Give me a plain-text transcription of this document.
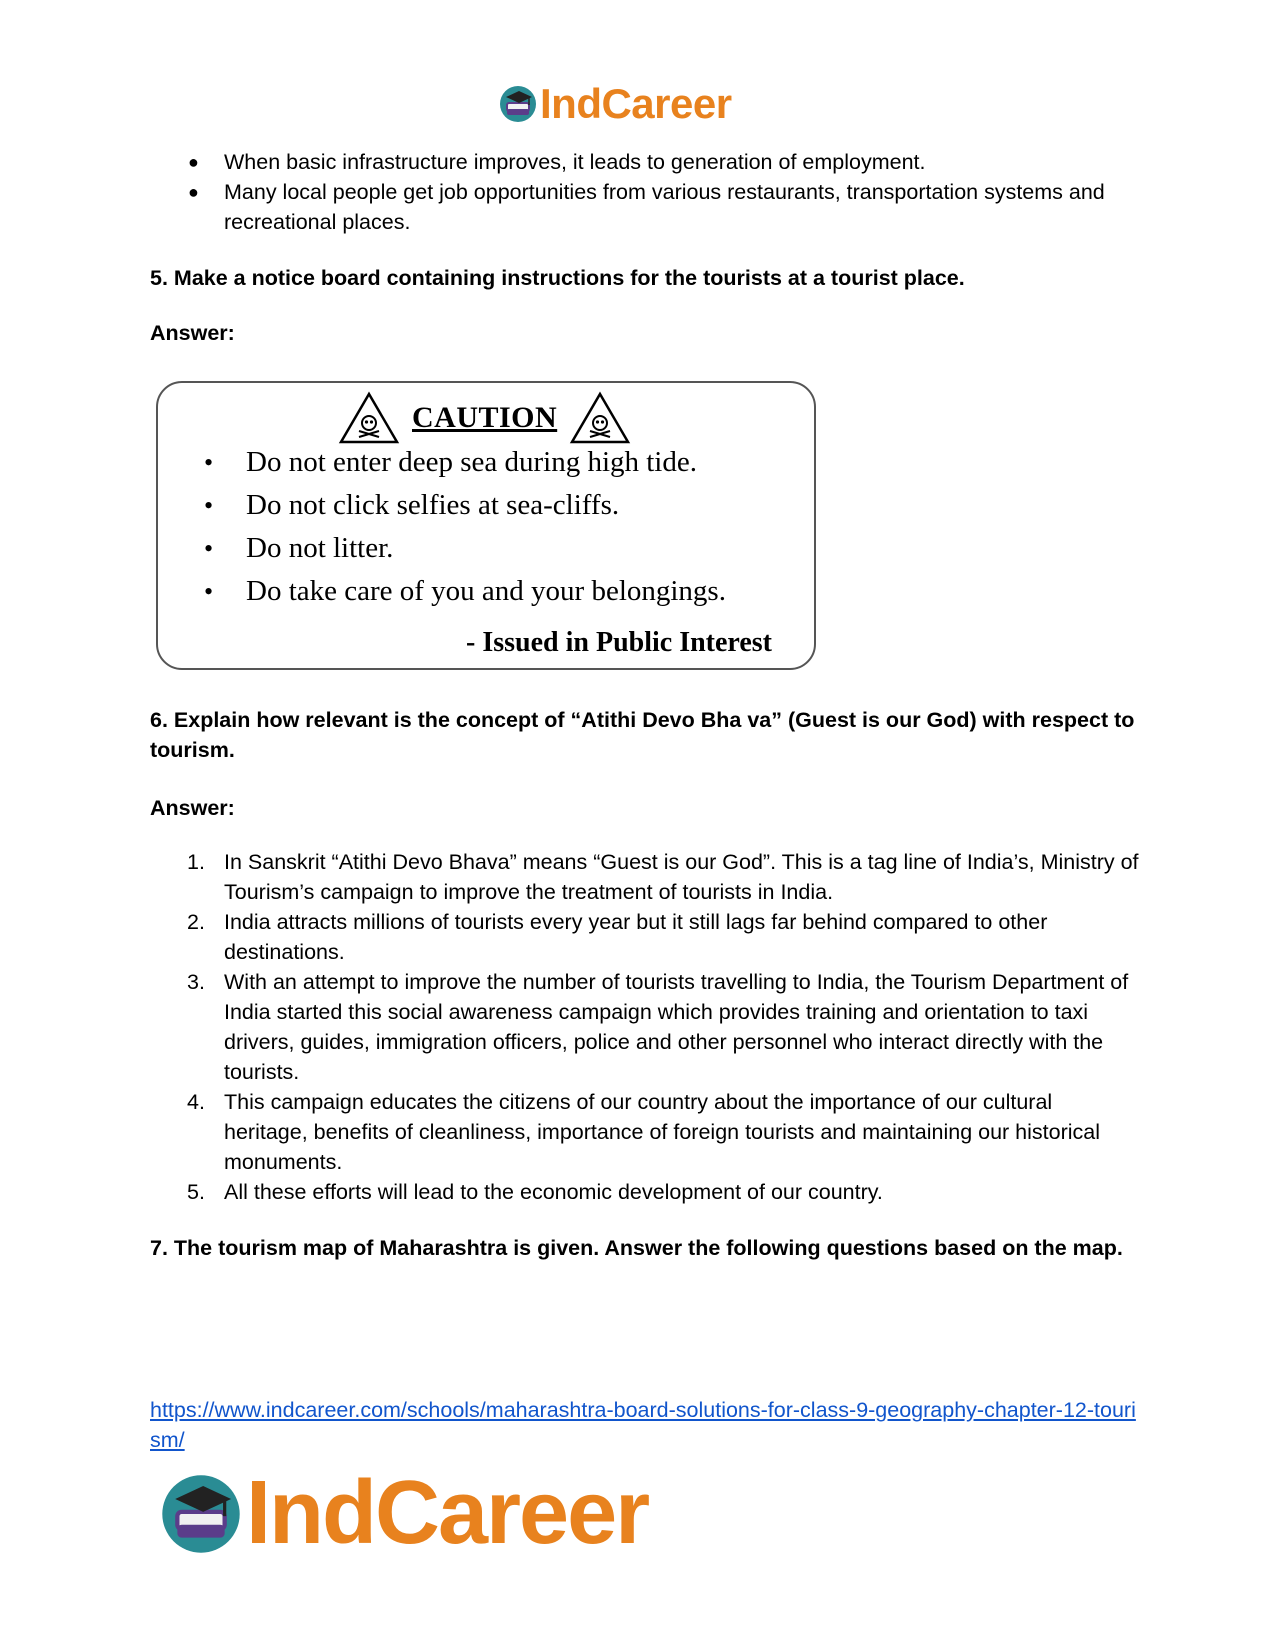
IndCareer
● When basic infrastructure improves, it leads to generation of employment.
● Many local people get job opportunities from various restaurants, transportation systems and recreational places.
5. Make a notice board containing instructions for the tourists at a tourist place.
Answer:
CAUTION
• Do not enter deep sea during high tide.
• Do not click selfies at sea-cliffs.
• Do not litter.
• Do take care of you and your belongings.
- Issued in Public Interest
6. Explain how relevant is the concept of “Atithi Devo Bha va” (Guest is our God) with respect to tourism.
Answer:
1. In Sanskrit “Atithi Devo Bhava” means “Guest is our God”. This is a tag line of India’s, Ministry of Tourism’s campaign to improve the treatment of tourists in India.
2. India attracts millions of tourists every year but it still lags far behind compared to other destinations.
3. With an attempt to improve the number of tourists travelling to India, the Tourism Department of India started this social awareness campaign which provides training and orientation to taxi drivers, guides, immigration officers, police and other personnel who interact directly with the tourists.
4. This campaign educates the citizens of our country about the importance of our cultural heritage, benefits of cleanliness, importance of foreign tourists and maintaining our historical monuments.
5. All these efforts will lead to the economic development of our country.
7. The tourism map of Maharashtra is given. Answer the following questions based on the map.
https://www.indcareer.com/schools/maharashtra-board-solutions-for-class-9-geography-chapter-12-tourism/
IndCareer
